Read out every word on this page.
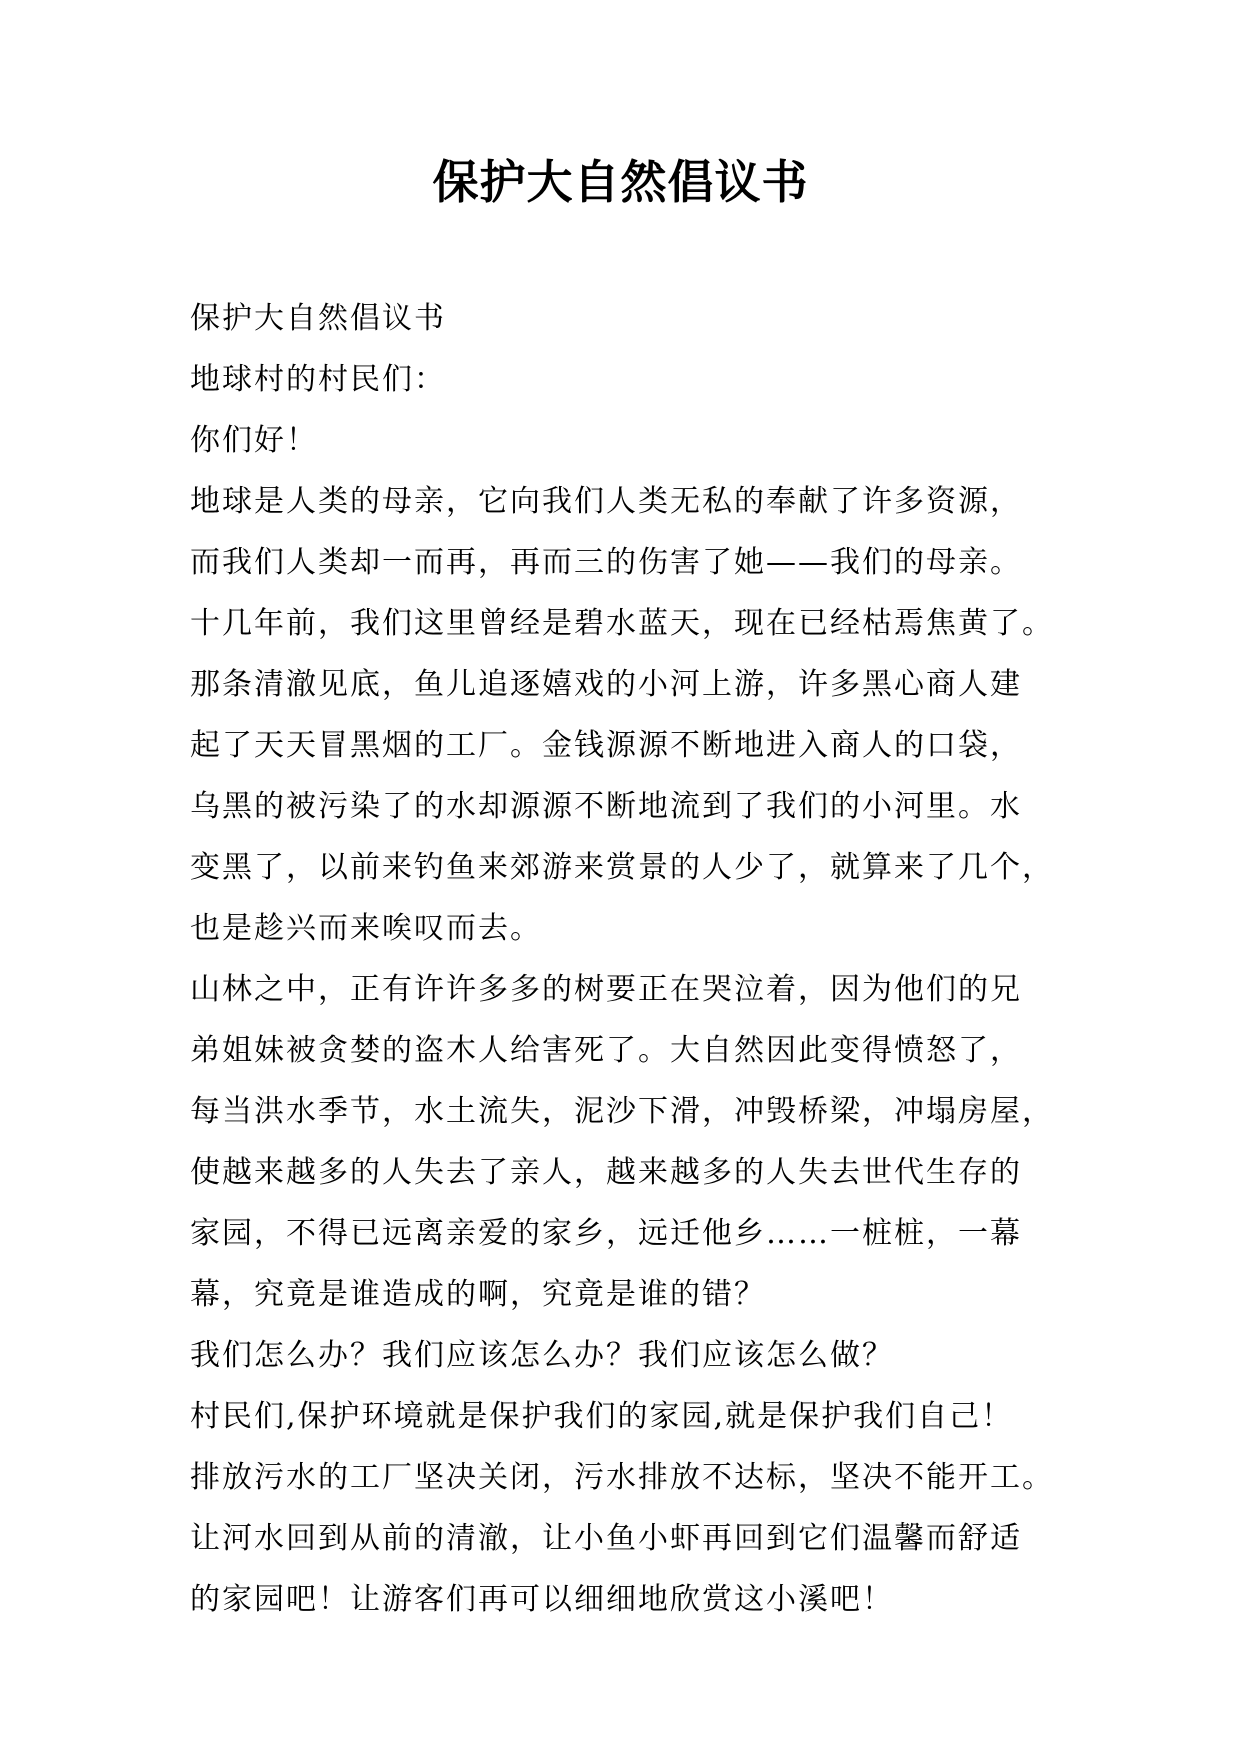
保护大自然倡议书
保护大自然倡议书
地球村的村民们：
你们好！
地球是人类的母亲，它向我们人类无私的奉献了许多资源，
而我们人类却一而再，再而三的伤害了她——我们的母亲。
十几年前，我们这里曾经是碧水蓝天，现在已经枯焉焦黄了。
那条清澈见底，鱼儿追逐嬉戏的小河上游，许多黑心商人建
起了天天冒黑烟的工厂。金钱源源不断地进入商人的口袋，
乌黑的被污染了的水却源源不断地流到了我们的小河里。水
变黑了，以前来钓鱼来郊游来赏景的人少了，就算来了几个，
也是趁兴而来唉叹而去。
山林之中，正有许许多多的树要正在哭泣着，因为他们的兄
弟姐妹被贪婪的盗木人给害死了。大自然因此变得愤怒了，
每当洪水季节，水土流失，泥沙下滑，冲毁桥梁，冲塌房屋，
使越来越多的人失去了亲人，越来越多的人失去世代生存的
家园，不得已远离亲爱的家乡，远迁他乡……一桩桩，一幕
幕，究竟是谁造成的啊，究竟是谁的错？
我们怎么办？我们应该怎么办？我们应该怎么做？
村民们,保护环境就是保护我们的家园,就是保护我们自己！
排放污水的工厂坚决关闭，污水排放不达标，坚决不能开工。
让河水回到从前的清澈，让小鱼小虾再回到它们温馨而舒适
的家园吧！让游客们再可以细细地欣赏这小溪吧！
